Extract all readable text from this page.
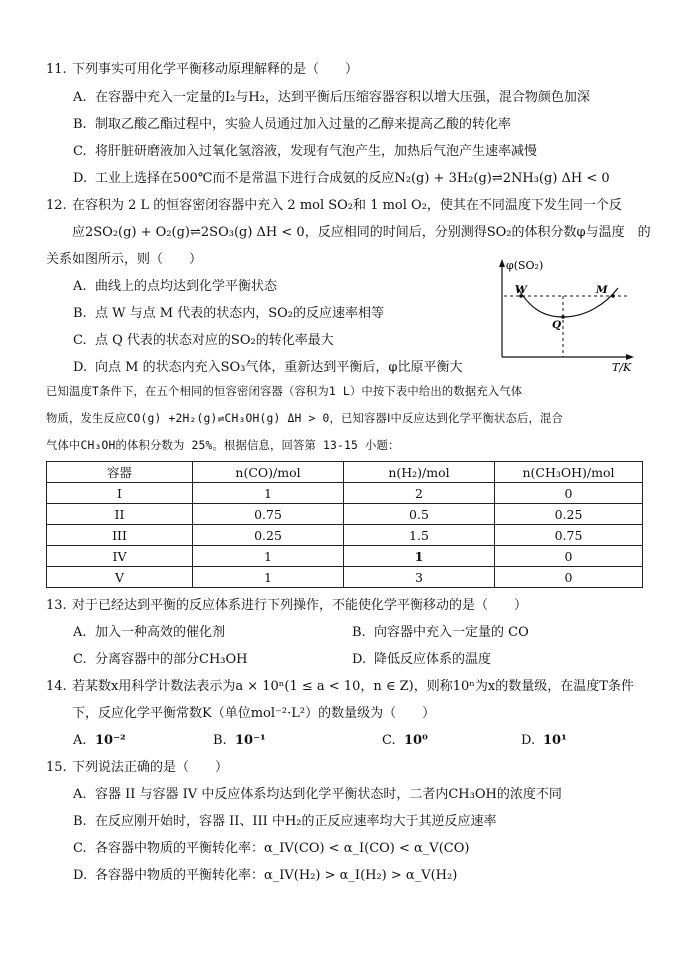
11. 下列事实可用化学平衡移动原理解释的是（　　）
A. 在容器中充入一定量的I₂与H₂，达到平衡后压缩容器容积以增大压强，混合物颜色加深
B. 制取乙酸乙酯过程中，实验人员通过加入过量的乙醇来提高乙酸的转化率
C. 将肝脏研磨液加入过氧化氢溶液，发现有气泡产生，加热后气泡产生速率减慢
D. 工业上选择在500℃而不是常温下进行合成氨的反应N₂(g) + 3H₂(g)⇌2NH₃(g) ΔH < 0
12. 在容积为 2 L 的恒容密闭容器中充入 2 mol SO₂和 1 mol O₂，使其在不同温度下发生同一个反
应2SO₂(g) + O₂(g)⇌2SO₃(g) ΔH < 0，反应相同的时间后，分别测得SO₂的体积分数φ与温度　的
关系如图所示，则（　　）
A. 曲线上的点均达到化学平衡状态
B. 点 W 与点 M 代表的状态内，SO₂的反应速率相等
C. 点 Q 代表的状态对应的SO₂的转化率最大
D. 向点 M 的状态内充入SO₃气体，重新达到平衡后，φ比原平衡大
φ(SO₂)
T/K
W	M
Q
已知温度T条件下，在五个相同的恒容密闭容器（容积为1 L）中按下表中给出的数据充入气体
物质，发生反应CO(g) +2H₂(g)⇌CH₃OH(g) ΔH > 0，已知容器Ⅰ中反应达到化学平衡状态后，混合
气体中CH₃OH的体积分数为 25%。根据信息，回答第 13-15 小题：
容器	n(CO)/mol	n(H₂)/mol	n(CH₃OH)/mol
I	1	2	0
II	0.75	0.5	0.25
III	0.25	1.5	0.75
IV	1	1	0
V	1	3	0
13. 对于已经达到平衡的反应体系进行下列操作，不能使化学平衡移动的是（　　）
A. 加入一种高效的催化剂	B. 向容器中充入一定量的 CO
C. 分离容器中的部分CH₃OH	D. 降低反应体系的温度
14. 若某数x用科学计数法表示为a × 10ⁿ(1 ≤ a < 10，n ∈ Z)，则称10ⁿ为x的数量级，在温度T条件
下，反应化学平衡常数K（单位mol⁻²·L²）的数量级为（　　）
A. 10⁻²	B. 10⁻¹	C. 10⁰	D. 10¹
15. 下列说法正确的是（　　）
A. 容器 II 与容器 IV 中反应体系均达到化学平衡状态时，二者内CH₃OH的浓度不同
B. 在反应刚开始时，容器 II、III 中H₂的正反应速率均大于其逆反应速率
C. 各容器中物质的平衡转化率：α_IV(CO) < α_I(CO) < α_V(CO)
D. 各容器中物质的平衡转化率：α_IV(H₂) > α_I(H₂) > α_V(H₂)
